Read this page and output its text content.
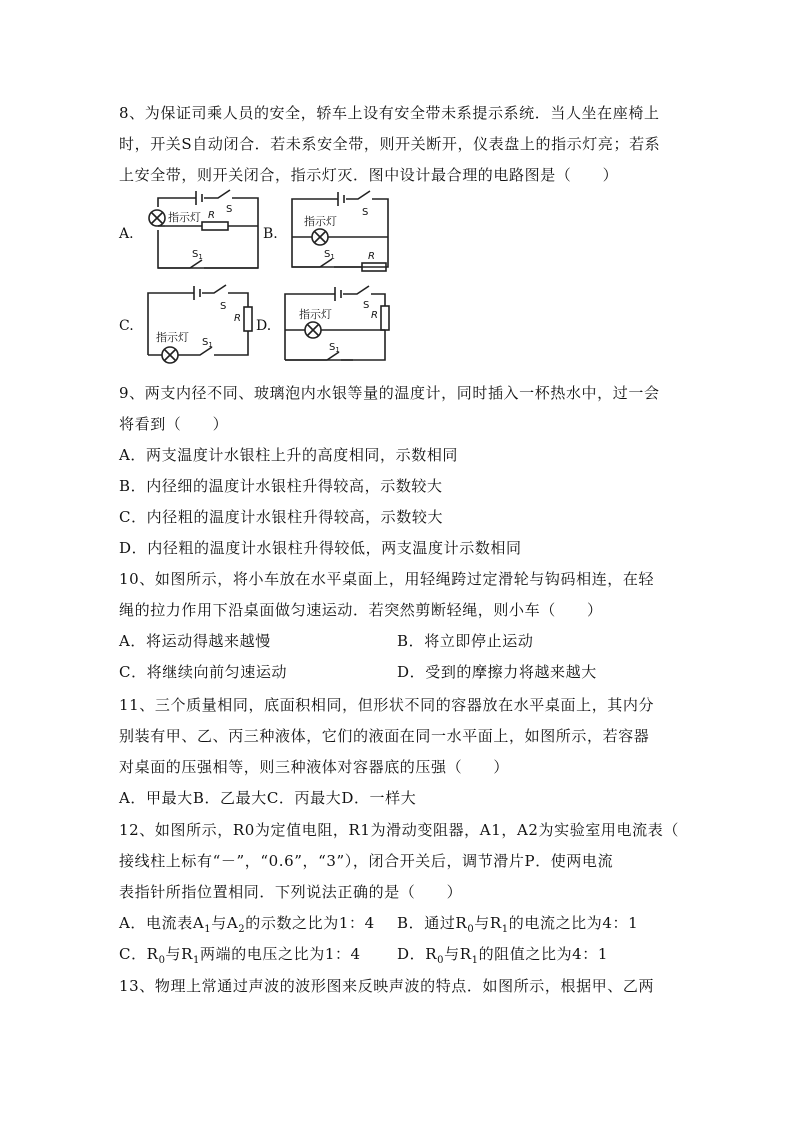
8、为保证司乘人员的安全，轿车上设有安全带未系提示系统．当人坐在座椅上
时，开关S自动闭合．若未系安全带，则开关断开，仪表盘上的指示灯亮；若系
上安全带，则开关闭合，指示灯灭．图中设计最合理的电路图是（　　）
A.	B.
C.	D.
指示灯
S
R
$S_1$
指示灯
S
R
$S_1$
S
R
指示灯 $S_1$
指示灯
S
R
$S_1$
9、两支内径不同、玻璃泡内水银等量的温度计，同时插入一杯热水中，过一会
将看到（　　）
A．两支温度计水银柱上升的高度相同，示数相同
B．内径细的温度计水银柱升得较高，示数较大
C．内径粗的温度计水银柱升得较高，示数较大
D．内径粗的温度计水银柱升得较低，两支温度计示数相同
10、如图所示，将小车放在水平桌面上，用轻绳跨过定滑轮与钩码相连，在轻
绳的拉力作用下沿桌面做匀速运动．若突然剪断轻绳，则小车（　　）
A．将运动得越来越慢	B．将立即停止运动
C．将继续向前匀速运动	D．受到的摩擦力将越来越大
11、三个质量相同，底面积相同，但形状不同的容器放在水平桌面上，其内分
别装有甲、乙、丙三种液体，它们的液面在同一水平面上，如图所示，若容器
对桌面的压强相等，则三种液体对容器底的压强（　　）
A．甲最大B．乙最大C．丙最大D．一样大
12、如图所示，R0为定值电阻，R1为滑动变阻器，A1，A2为实验室用电流表（
接线柱上标有“－”，“0.6”，“3”），闭合开关后，调节滑片P．使两电流
表指针所指位置相同．下列说法正确的是（　　）
A．电流表$A_1$与$A_2$的示数之比为1：4 B．通过$R_0$与$R_1$的电流之比为4：1
C．$R_0$与$R_1$两端的电压之比为1：4 D．$R_0$与$R_1$的阻值之比为4：1
13、物理上常通过声波的波形图来反映声波的特点．如图所示，根据甲、乙两
